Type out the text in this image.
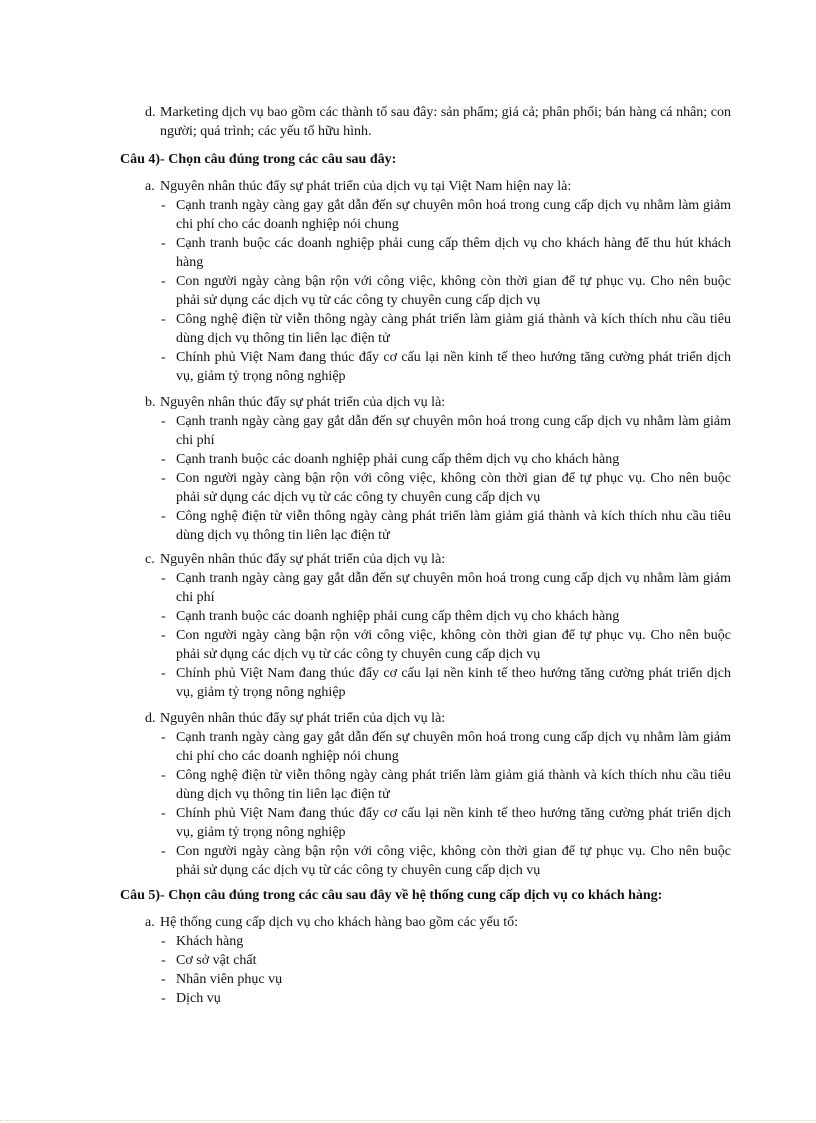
d. Marketing dịch vụ bao gồm các thành tố sau đây: sản phẩm; giá cả; phân phối; bán hàng cá nhân; con người; quá trình; các yếu tố hữu hình.
Câu 4)- Chọn câu đúng trong các câu sau đây:
a. Nguyên nhân thúc đẩy sự phát triển của dịch vụ tại Việt Nam hiện nay là:
- Cạnh tranh ngày càng gay gắt dẫn đến sự chuyên môn hoá trong cung cấp dịch vụ nhằm làm giảm chi phí cho các doanh nghiệp nói chung
- Cạnh tranh buộc các doanh nghiệp phải cung cấp thêm dịch vụ cho khách hàng để thu hút khách hàng
- Con người ngày càng bận rộn với công việc, không còn thời gian để tự phục vụ. Cho nên buộc phải sử dụng các dịch vụ từ các công ty chuyên cung cấp dịch vụ
- Công nghệ điện từ viễn thông ngày càng phát triển làm giảm giá thành và kích thích nhu cầu tiêu dùng dịch vụ thông tin liên lạc điện tử
- Chính phủ Việt Nam đang thúc đẩy cơ cấu lại nền kinh tế theo hướng tăng cường phát triển dịch vụ, giảm tỷ trọng nông nghiệp
b. Nguyên nhân thúc đẩy sự phát triển của dịch vụ là:
- Cạnh tranh ngày càng gay gắt dẫn đến sự chuyên môn hoá trong cung cấp dịch vụ nhằm làm giảm chi phí
- Cạnh tranh buộc các doanh nghiệp phải cung cấp thêm dịch vụ cho khách hàng
- Con người ngày càng bận rộn với công việc, không còn thời gian để tự phục vụ. Cho nên buộc phải sử dụng các dịch vụ từ các công ty chuyên cung cấp dịch vụ
- Công nghệ điện từ viễn thông ngày càng phát triển làm giảm giá thành và kích thích nhu cầu tiêu dùng dịch vụ thông tin liên lạc điện tử
c. Nguyên nhân thúc đẩy sự phát triển của dịch vụ là:
- Cạnh tranh ngày càng gay gắt dẫn đến sự chuyên môn hoá trong cung cấp dịch vụ nhằm làm giảm chi phí
- Cạnh tranh buộc các doanh nghiệp phải cung cấp thêm dịch vụ cho khách hàng
- Con người ngày càng bận rộn với công việc, không còn thời gian để tự phục vụ. Cho nên buộc phải sử dụng các dịch vụ từ các công ty chuyên cung cấp dịch vụ
- Chính phủ Việt Nam đang thúc đẩy cơ cấu lại nền kinh tế theo hướng tăng cường phát triển dịch vụ, giảm tỷ trọng nông nghiệp
d. Nguyên nhân thúc đẩy sự phát triển của dịch vụ là:
- Cạnh tranh ngày càng gay gắt dẫn đến sự chuyên môn hoá trong cung cấp dịch vụ nhằm làm giảm chi phí cho các doanh nghiệp nói chung
- Công nghệ điện từ viễn thông ngày càng phát triển làm giảm giá thành và kích thích nhu cầu tiêu dùng dịch vụ thông tin liên lạc điện tử
- Chính phủ Việt Nam đang thúc đẩy cơ cấu lại nền kinh tế theo hướng tăng cường phát triển dịch vụ, giảm tỷ trọng nông nghiệp
- Con người ngày càng bận rộn với công việc, không còn thời gian để tự phục vụ. Cho nên buộc phải sử dụng các dịch vụ từ các công ty chuyên cung cấp dịch vụ
Câu 5)- Chọn câu đúng trong các câu sau đây về hệ thống cung cấp dịch vụ co khách hàng:
a. Hệ thống cung cấp dịch vụ cho khách hàng bao gồm các yếu tố:
- Khách hàng
- Cơ sở vật chất
- Nhân viên phục vụ
- Dịch vụ
